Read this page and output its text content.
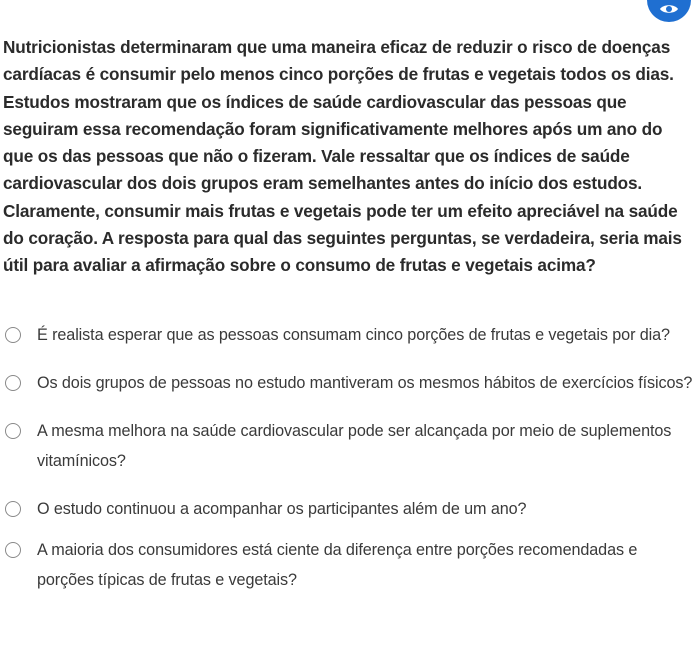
Nutricionistas determinaram que uma maneira eficaz de reduzir o risco de doenças cardíacas é consumir pelo menos cinco porções de frutas e vegetais todos os dias. Estudos mostraram que os índices de saúde cardiovascular das pessoas que seguiram essa recomendação foram significativamente melhores após um ano do que os das pessoas que não o fizeram. Vale ressaltar que os índices de saúde cardiovascular dos dois grupos eram semelhantes antes do início dos estudos. Claramente, consumir mais frutas e vegetais pode ter um efeito apreciável na saúde do coração. A resposta para qual das seguintes perguntas, se verdadeira, seria mais útil para avaliar a afirmação sobre o consumo de frutas e vegetais acima?

É realista esperar que as pessoas consumam cinco porções de frutas e vegetais por dia?
Os dois grupos de pessoas no estudo mantiveram os mesmos hábitos de exercícios físicos?
A mesma melhora na saúde cardiovascular pode ser alcançada por meio de suplementos vitamínicos?
O estudo continuou a acompanhar os participantes além de um ano?
A maioria dos consumidores está ciente da diferença entre porções recomendadas e porções típicas de frutas e vegetais?
